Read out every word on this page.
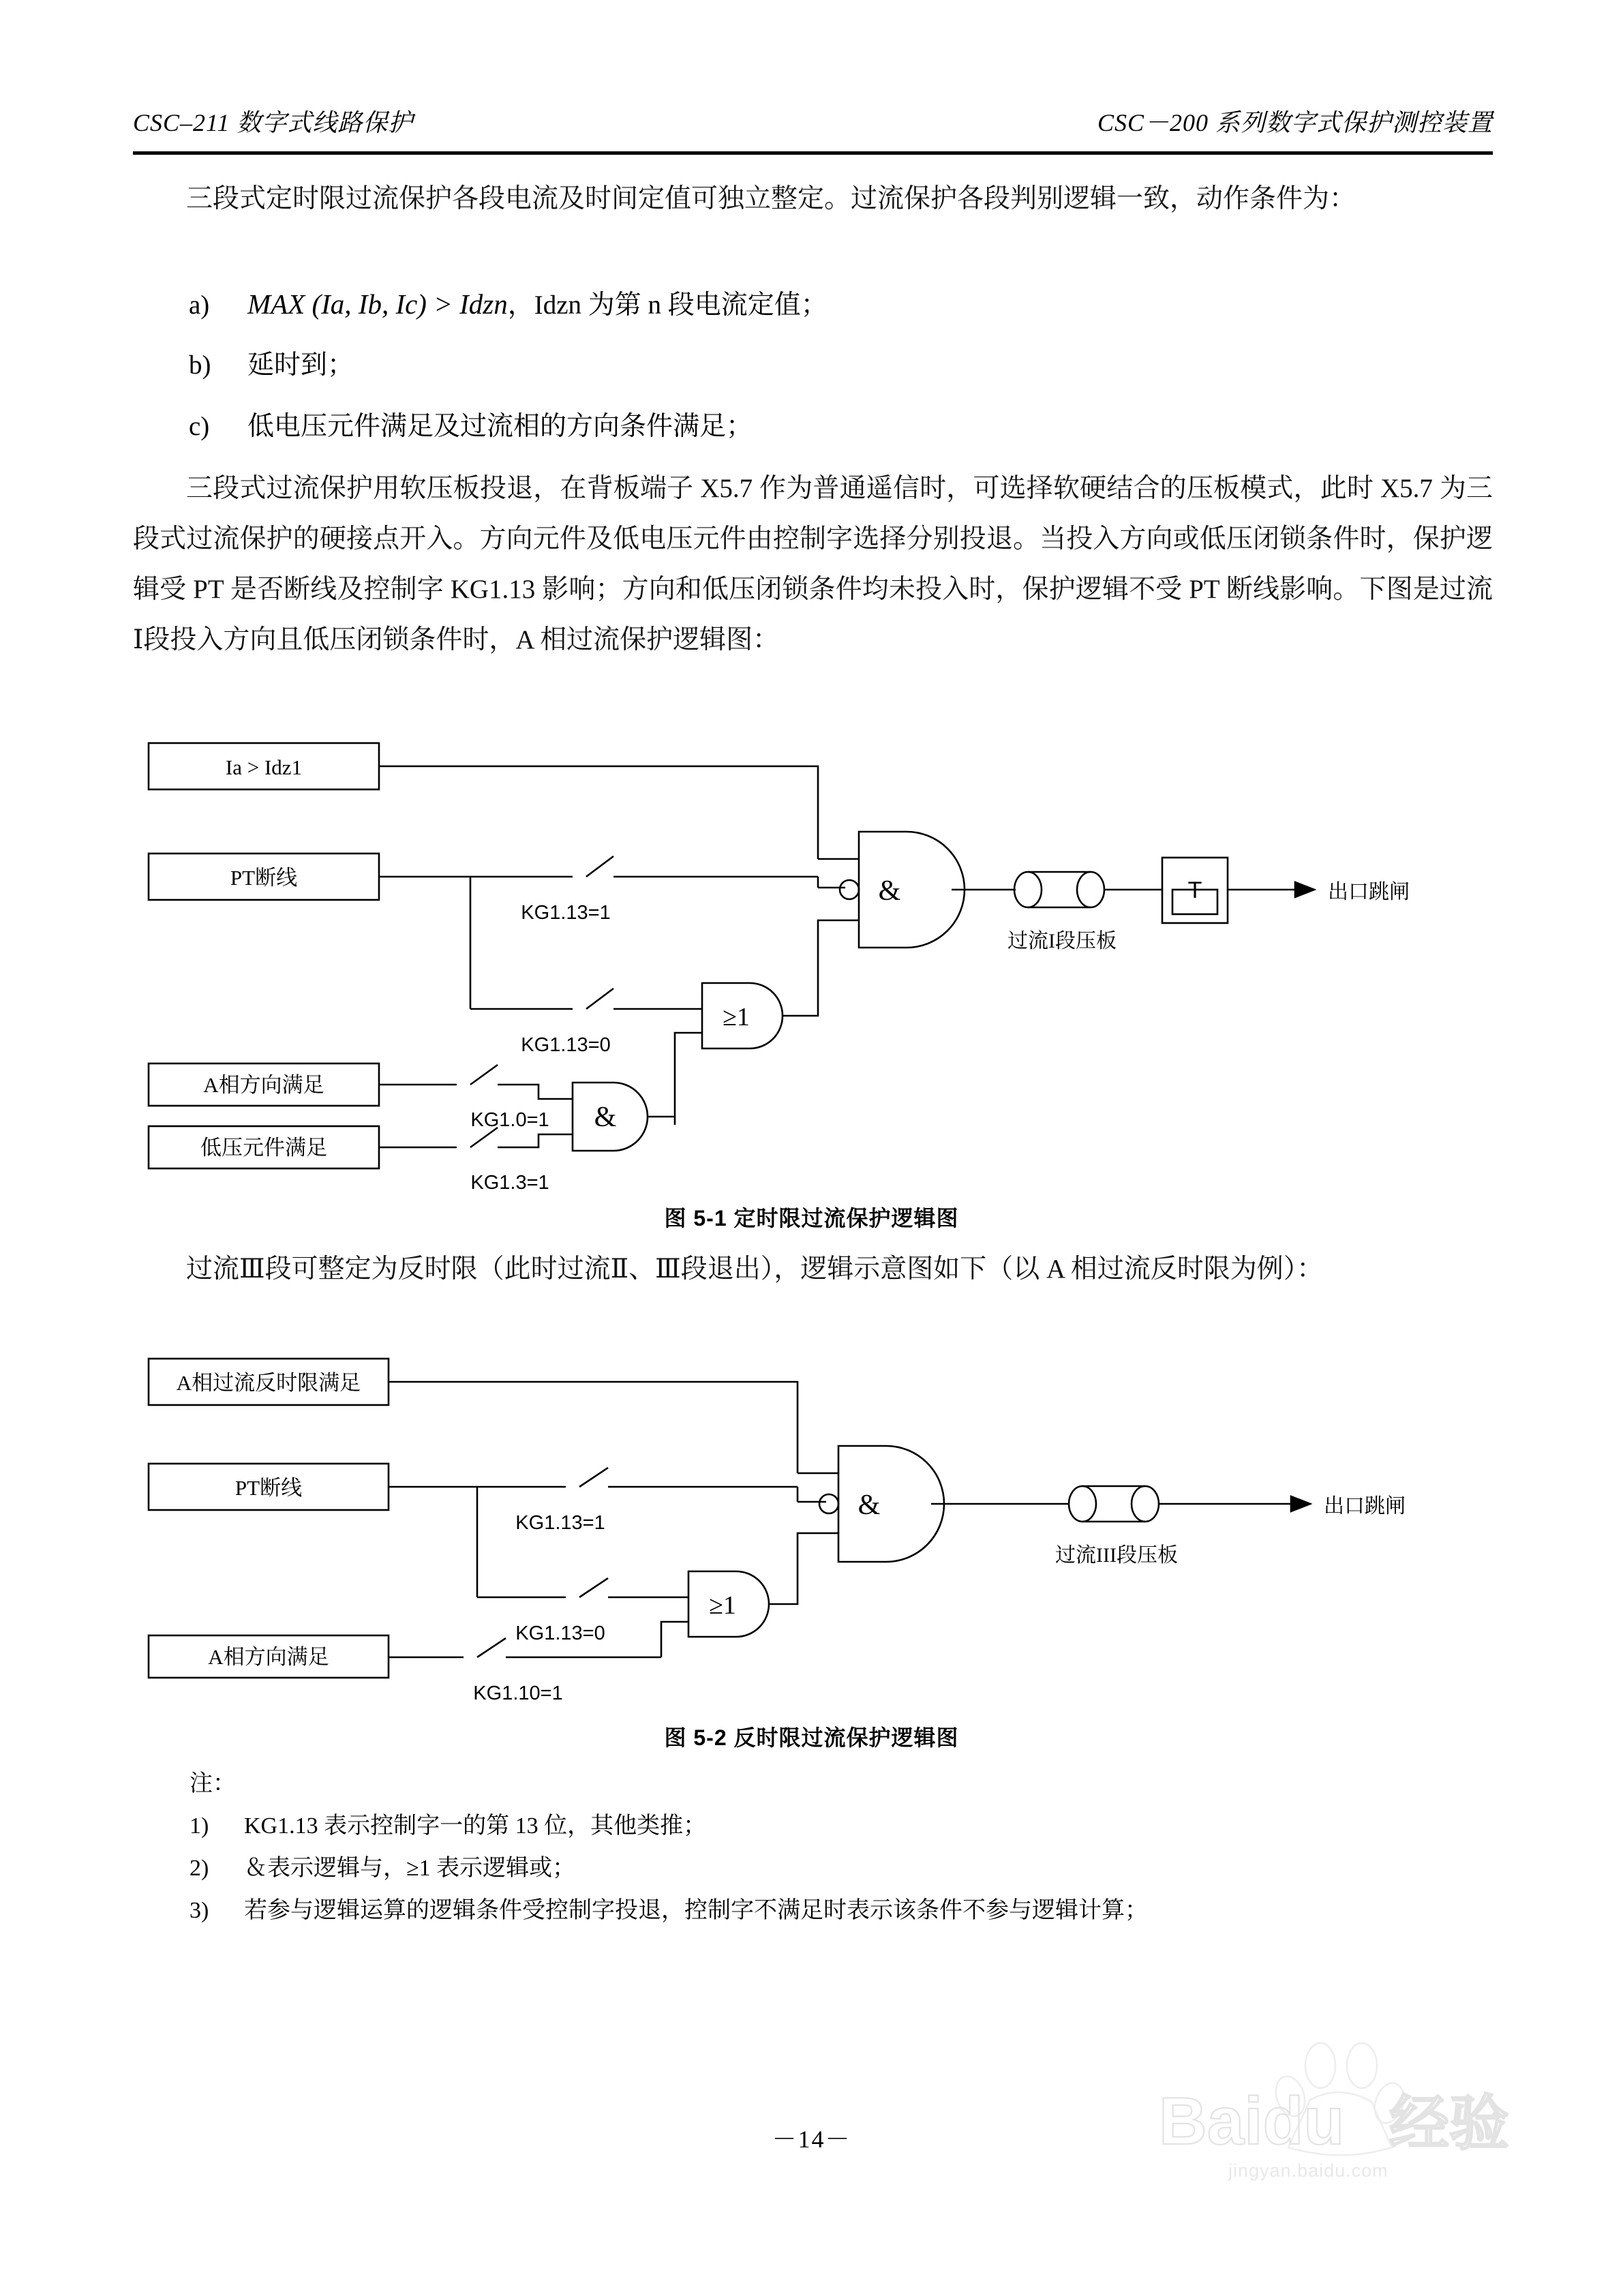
CSC–211 数字式线路保护	CSC－200 系列数字式保护测控装置
三段式定时限过流保护各段电流及时间定值可独立整定。过流保护各段判别逻辑一致，动作条件为：
a) MAX (Ia, Ib, Ic) > Idzn，Idzn 为第 n 段电流定值；
b) 延时到；
c) 低电压元件满足及过流相的方向条件满足；
三段式过流保护用软压板投退，在背板端子 X5.7 作为普通遥信时，可选择软硬结合的压板模式，此时 X5.7 为三段式过流保护的硬接点开入。方向元件及低电压元件由控制字选择分别投退。当投入方向或低压闭锁条件时，保护逻辑受 PT 是否断线及控制字 KG1.13 影响；方向和低压闭锁条件均未投入时，保护逻辑不受 PT 断线影响。下图是过流Ⅰ段投入方向且低压闭锁条件时，A 相过流保护逻辑图：
Ia > Idz1
PT断线
A相方向满足
低压元件满足
KG1.13=1
KG1.13=0
KG1.0=1
KG1.3=1
&
≥1
&
过流I段压板
T	出口跳闸
图 5-1 定时限过流保护逻辑图
过流Ⅲ段可整定为反时限（此时过流Ⅱ、Ⅲ段退出），逻辑示意图如下（以 A 相过流反时限为例）：
A相过流反时限满足
PT断线
A相方向满足
KG1.13=1
KG1.13=0
KG1.10=1
&
≥1
过流III段压板
出口跳闸
图 5-2 反时限过流保护逻辑图
注：
1) KG1.13 表示控制字一的第 13 位，其他类推；
2) ＆表示逻辑与，≥1 表示逻辑或；
3) 若参与逻辑运算的逻辑条件受控制字投退，控制字不满足时表示该条件不参与逻辑计算；
Baidu 经验
jingyan.baidu.com
－14－
